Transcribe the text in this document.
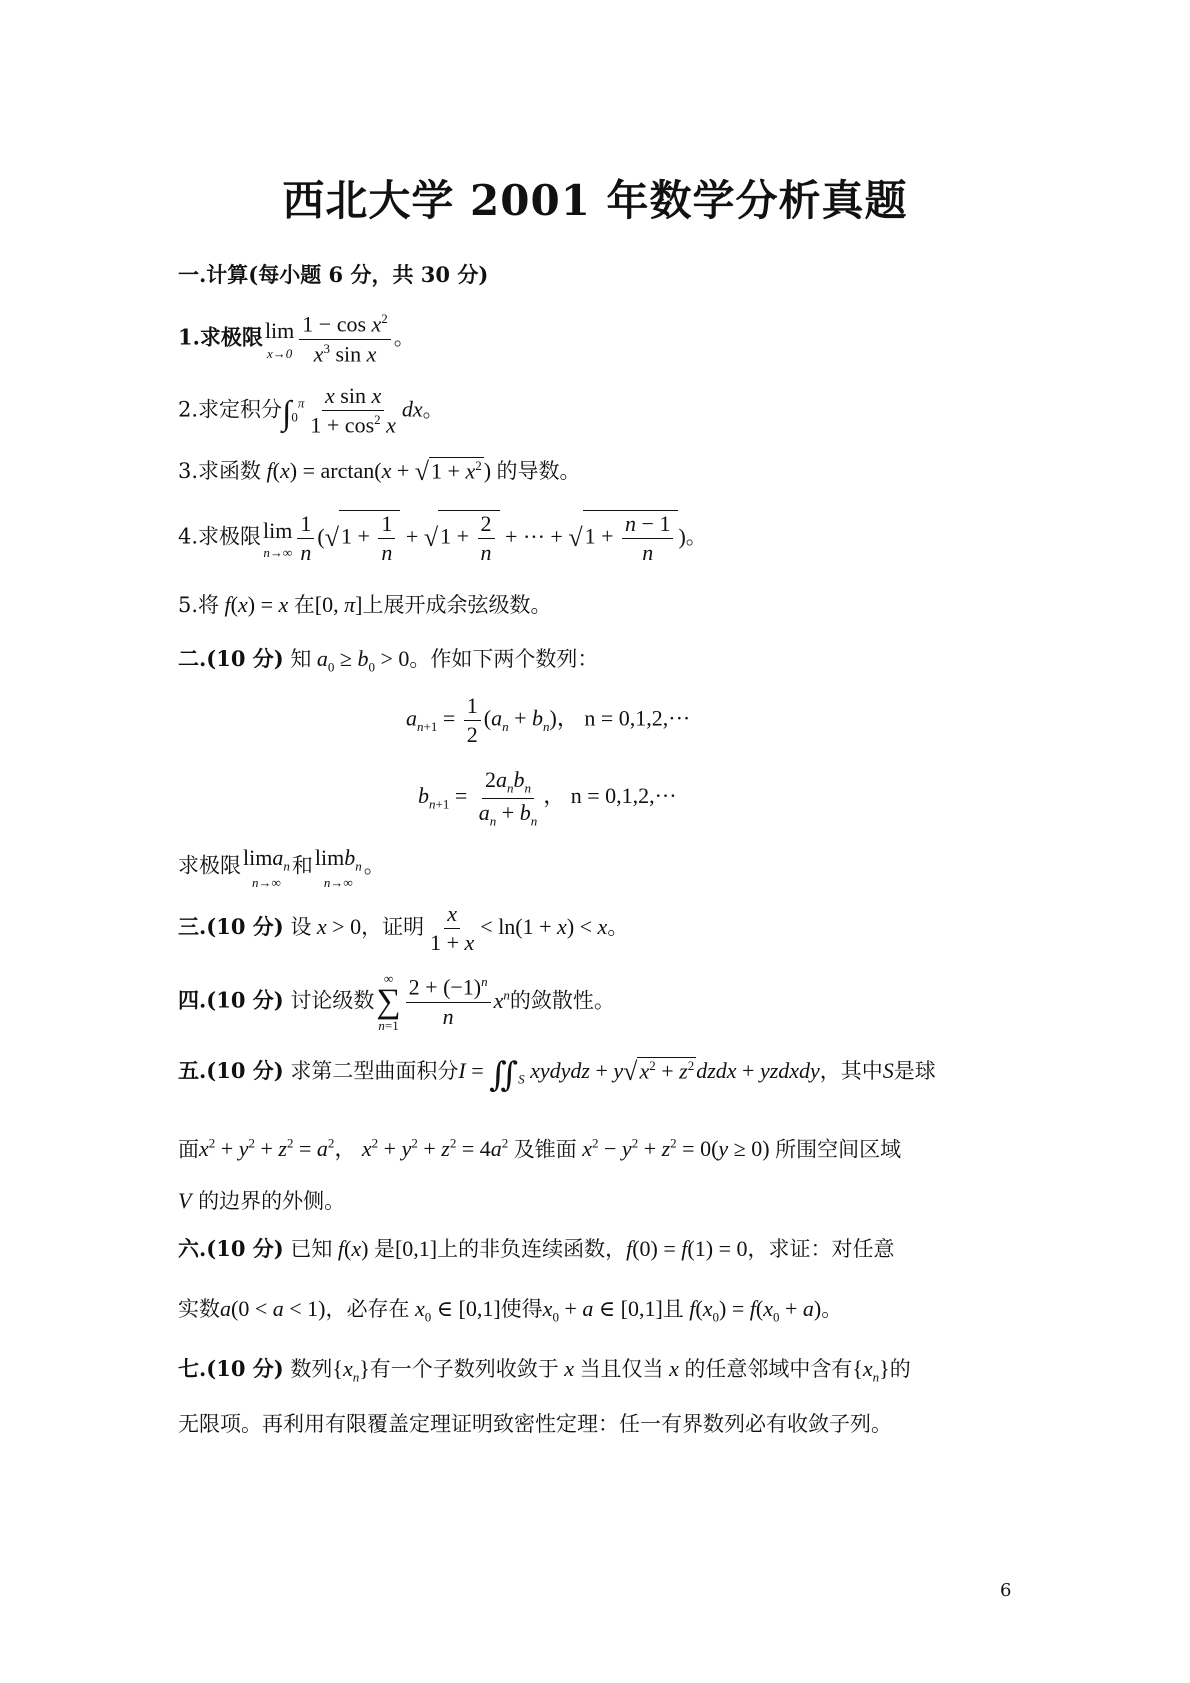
西北大学 2001 年数学分析真题
一.计算(每小题 6 分，共 30 分)
1.求极限 lim
$x\to 0 \frac{1 - \cos x^2}{x^3 \sin x}$ 。
2.求定积分$\int_0^\pi \frac{\text{x sin x}}{1 + \cos^2 x}$ dx。
3.求函数 $f(x) = \arctan(x + √1 + x^2)$ 的导数。
4.求极限 lim
$n\to\infty \frac{1}{n} (√1 + \frac{1}{n} + √1 + \frac{2}{n}$ + ··· + $√1 + \frac{n - 1}{n}$ )。
5.将 f(x) = x 在[0, π]上展开成余弦级数。
二.(10 分) 知 $a_0 \ge b_0 > 0$。作如下两个数列：
$a_{n+1} = \frac{1}{2} (a_n + b_n)$， n = 0,1,2,···
$b_{n+1} = \frac{2a_nb_n}{a_n + b_n}$ ， n = 0,1,2,···
求极限 lima$_n$
n→∞
和 limb$_n$
n→∞
。
三.(10 分) 设 x > 0，证明 $\frac{x}{1 + x} < \ln(1 + x) < x$。
四.(10 分) 讨论级数
∞
∑
$n=1 \frac{2 + (-1)^n}{n} x^n$的敛散性。
五.(10 分) 求第二型曲面积分$I = ∬_S$ xydydz + $y√x^2$ + $z^2dzdx$ + yzdxdy，其中S是球
面$x^2 + y^2 + z^2 = a^2$， $x^2 + y^2 + z^2 = 4a^2$ 及锥面 $x^2 - y^2 + z^2 = 0(y \ge 0)$ 所围空间区域
V 的边界的外侧。
六.(10 分) 已知 f(x) 是[0,1]上的非负连续函数，f(0) = f(1) = 0，求证：对任意
实数a(0 < a < 1)，必存在 $x_0$ ∈ [0,1]使得$x_0 + a$ ∈ [0,1]且 $f(x_0) = f(x_0 + a)$。
七.(10 分) 数列$\{x_n\}$有一个子数列收敛于 x 当且仅当 x 的任意邻域中含有$\{x_n\}$的
无限项。再利用有限覆盖定理证明致密性定理：任一有界数列必有收敛子列。
6
